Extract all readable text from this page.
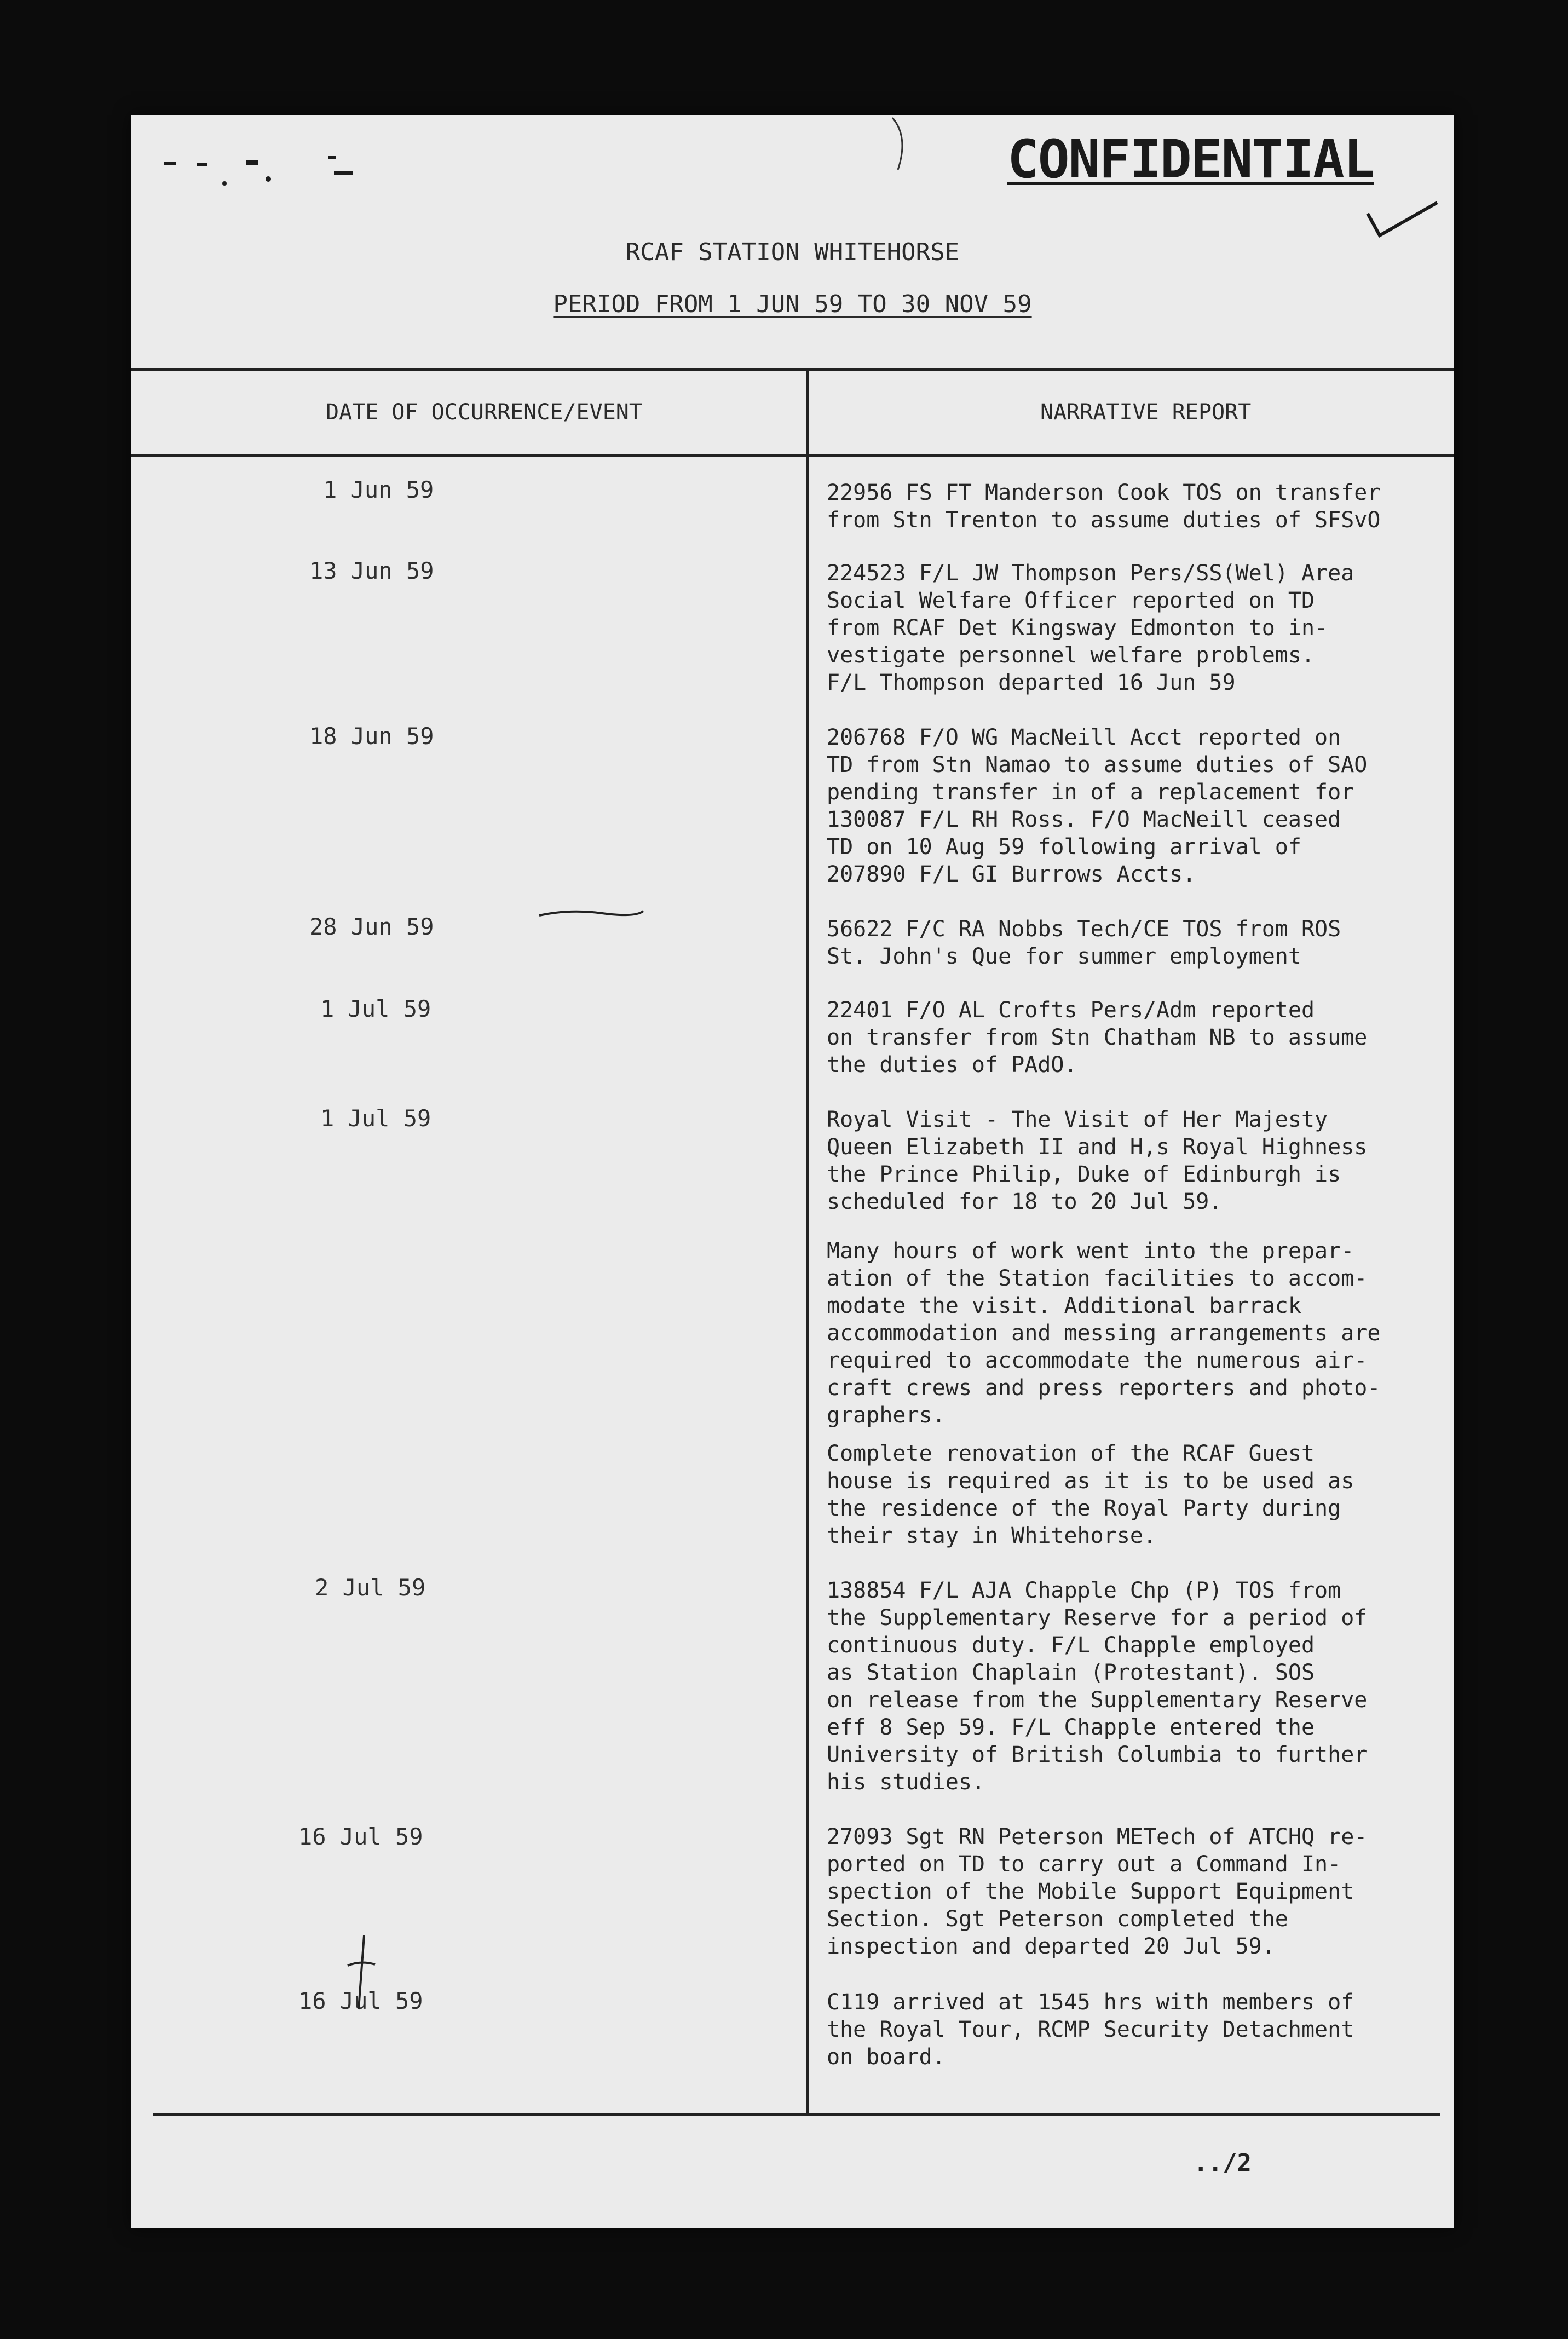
CONFIDENTIAL
RCAF STATION WHITEHORSE
PERIOD FROM 1 JUN 59 TO 30 NOV 59
DATE OF OCCURRENCE/EVENT	NARRATIVE REPORT
1 Jun 59	22956 FS FT Manderson Cook TOS on transfer
from Stn Trenton to assume duties of SFSvO

13 Jun 59	224523 F/L JW Thompson Pers/SS(Wel) Area
Social Welfare Officer reported on TD
from RCAF Det Kingsway Edmonton to in-
vestigate personnel welfare problems.
F/L Thompson departed 16 Jun 59

18 Jun 59	206768 F/O WG MacNeill Acct reported on
TD from Stn Namao to assume duties of SAO
pending transfer in of a replacement for
130087 F/L RH Ross. F/O MacNeill ceased
TD on 10 Aug 59 following arrival of
207890 F/L GI Burrows Accts.

28 Jun 59	56622 F/C RA Nobbs Tech/CE TOS from ROS
St. John's Que for summer employment

1 Jul 59	22401 F/O AL Crofts Pers/Adm reported
on transfer from Stn Chatham NB to assume
the duties of PAdO.

1 Jul 59	Royal Visit - The Visit of Her Majesty
Queen Elizabeth II and H,s Royal Highness
the Prince Philip, Duke of Edinburgh is
scheduled for 18 to 20 Jul 59.

Many hours of work went into the prepar-
ation of the Station facilities to accom-
modate the visit. Additional barrack
accommodation and messing arrangements are
required to accommodate the numerous air-
craft crews and press reporters and photo-
graphers.

Complete renovation of the RCAF Guest
house is required as it is to be used as
the residence of the Royal Party during
their stay in Whitehorse.

2 Jul 59	138854 F/L AJA Chapple Chp (P) TOS from
the Supplementary Reserve for a period of
continuous duty. F/L Chapple employed
as Station Chaplain (Protestant). SOS
on release from the Supplementary Reserve
eff 8 Sep 59. F/L Chapple entered the
University of British Columbia to further
his studies.

16 Jul 59	27093 Sgt RN Peterson METech of ATCHQ re-
ported on TD to carry out a Command In-
spection of the Mobile Support Equipment
Section. Sgt Peterson completed the
inspection and departed 20 Jul 59.

16 Jul 59	C119 arrived at 1545 hrs with members of
the Royal Tour, RCMP Security Detachment
on board.

../2
